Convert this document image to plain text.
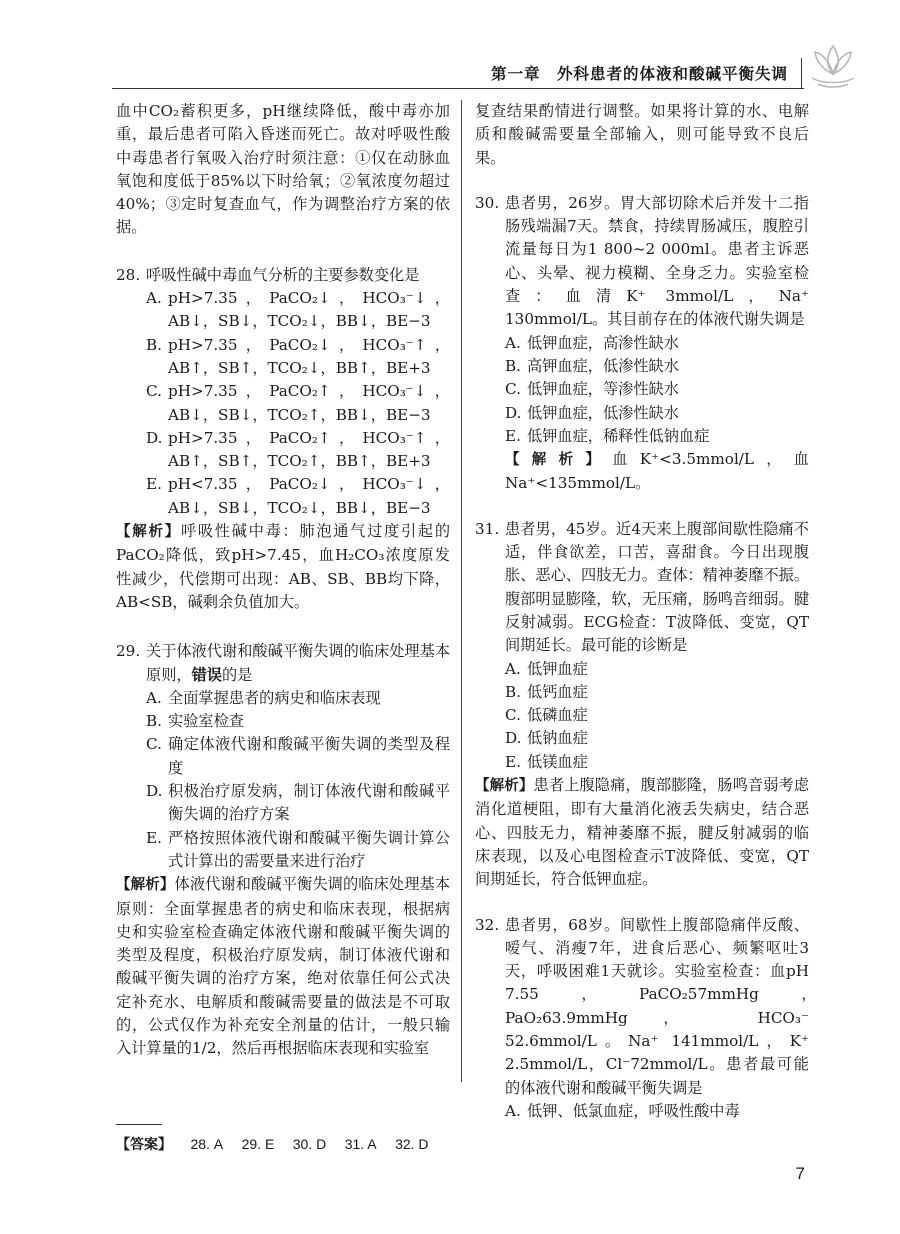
第一章　外科患者的体液和酸碱平衡失调

血中CO₂蓄积更多，pH继续降低，酸中毒亦加重，最后患者可陷入昏迷而死亡。故对呼吸性酸中毒患者行氧吸入治疗时须注意：①仅在动脉血氧饱和度低于85%以下时给氧；②氧浓度勿超过40%；③定时复查血气，作为调整治疗方案的依据。

28. 呼吸性碱中毒血气分析的主要参数变化是
A. pH>7.35，PaCO₂↓，HCO₃⁻↓，AB↓，SB↓，TCO₂↓，BB↓，BE−3
B. pH>7.35，PaCO₂↓，HCO₃⁻↑，AB↑，SB↑，TCO₂↓，BB↑，BE+3
C. pH>7.35，PaCO₂↑，HCO₃⁻↓，AB↓，SB↓，TCO₂↑，BB↓，BE−3
D. pH>7.35，PaCO₂↑，HCO₃⁻↑，AB↑，SB↑，TCO₂↑，BB↑，BE+3
E. pH<7.35，PaCO₂↓，HCO₃⁻↓，AB↓，SB↓，TCO₂↓，BB↓，BE−3

【解析】呼吸性碱中毒：肺泡通气过度引起的PaCO₂降低，致pH>7.45，血H₂CO₃浓度原发性减少，代偿期可出现：AB、SB、BB均下降，AB<SB，碱剩余负值加大。

29. 关于体液代谢和酸碱平衡失调的临床处理基本原则，错误的是
A. 全面掌握患者的病史和临床表现
B. 实验室检查
C. 确定体液代谢和酸碱平衡失调的类型及程度
D. 积极治疗原发病，制订体液代谢和酸碱平衡失调的治疗方案
E. 严格按照体液代谢和酸碱平衡失调计算公式计算出的需要量来进行治疗

【解析】体液代谢和酸碱平衡失调的临床处理基本原则：全面掌握患者的病史和临床表现，根据病史和实验室检查确定体液代谢和酸碱平衡失调的类型及程度，积极治疗原发病，制订体液代谢和酸碱平衡失调的治疗方案，绝对依靠任何公式决定补充水、电解质和酸碱需要量的做法是不可取的，公式仅作为补充安全剂量的估计，一般只输入计算量的1/2，然后再根据临床表现和实验室

复查结果酌情进行调整。如果将计算的水、电解质和酸碱需要量全部输入，则可能导致不良后果。

30. 患者男，26岁。胃大部切除术后并发十二指肠残端漏7天。禁食，持续胃肠减压，腹腔引流量每日为1 800~2 000ml。患者主诉恶心、头晕、视力模糊、全身乏力。实验室检查：血清K⁺ 3mmol/L，Na⁺ 130mmol/L。其目前存在的体液代谢失调是
A. 低钾血症，高渗性缺水
B. 高钾血症，低渗性缺水
C. 低钾血症，等渗性缺水
D. 低钾血症，低渗性缺水
E. 低钾血症，稀释性低钠血症

【解析】血K⁺<3.5mmol/L，血Na⁺<135mmol/L。

31. 患者男，45岁。近4天来上腹部间歇性隐痛不适，伴食欲差，口苦，喜甜食。今日出现腹胀、恶心、四肢无力。查体：精神萎靡不振。腹部明显膨隆，软，无压痛，肠鸣音细弱。腱反射减弱。ECG检查：T波降低、变宽，QT间期延长。最可能的诊断是
A. 低钾血症
B. 低钙血症
C. 低磷血症
D. 低钠血症
E. 低镁血症

【解析】患者上腹隐痛，腹部膨隆，肠鸣音弱考虑消化道梗阻，即有大量消化液丢失病史，结合恶心、四肢无力，精神萎靡不振，腱反射减弱的临床表现，以及心电图检查示T波降低、变宽，QT间期延长，符合低钾血症。

32. 患者男，68岁。间歇性上腹部隐痛伴反酸、嗳气、消瘦7年，进食后恶心、频繁呕吐3天，呼吸困难1天就诊。实验室检查：血pH 7.55，PaCO₂57mmHg，　PaO₂63.9mmHg，　HCO₃⁻ 52.6mmol/L。Na⁺ 141mmol/L，K⁺ 2.5mmol/L，Cl⁻72mmol/L。患者最可能的体液代谢和酸碱平衡失调是
A. 低钾、低氯血症，呼吸性酸中毒
【答案】 28. A 29. E 30. D 31. A 32. D
7
